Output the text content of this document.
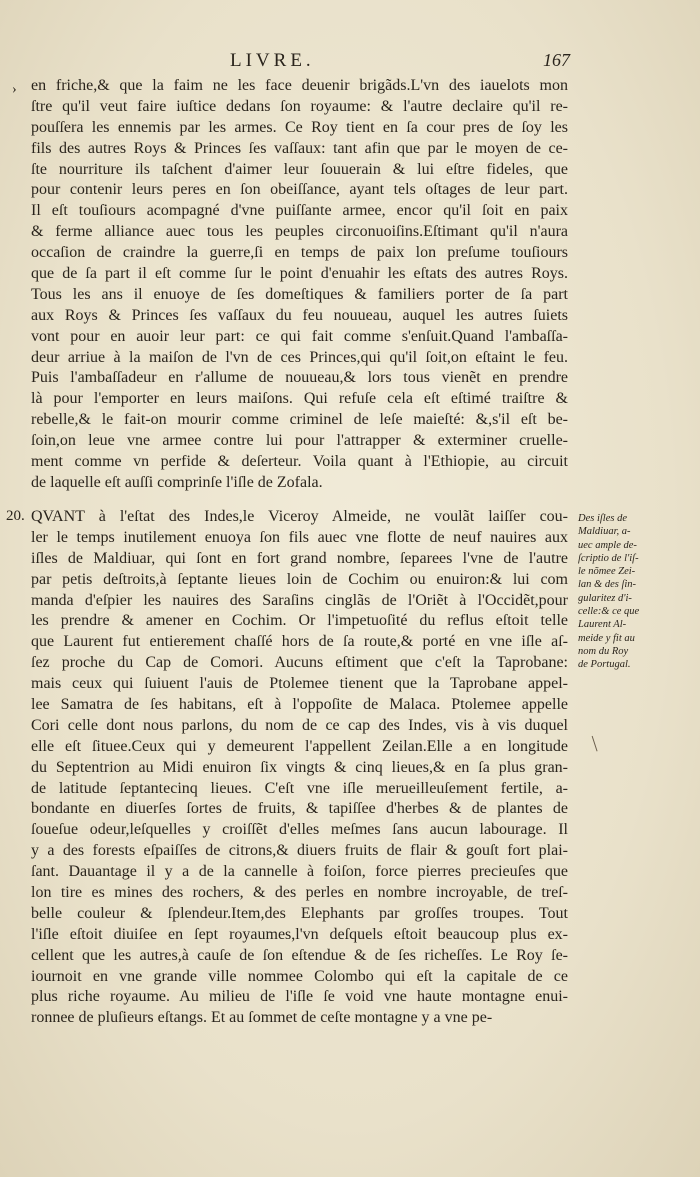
LIVRE.	167
› en friche,& que la faim ne les face deuenir brigãds.L'vn des iauelots mon
ſtre qu'il veut faire iuſtice dedans ſon royaume: & l'autre declaire qu'il re-
pouſſera les ennemis par les armes. Ce Roy tient en ſa cour pres de ſoy les
fils des autres Roys & Princes ſes vaſſaux: tant afin que par le moyen de ce-
ſte nourriture ils taſchent d'aimer leur ſouuerain & lui eſtre fideles, que
pour contenir leurs peres en ſon obeiſſance, ayant tels oſtages de leur part.
Il eſt touſiours acompagné d'vne puiſſante armee, encor qu'il ſoit en paix
& ferme alliance auec tous les peuples circonuoiſins.Eſtimant qu'il n'aura
occaſion de craindre la guerre,ſi en temps de paix lon preſume touſiours
que de ſa part il eſt comme ſur le point d'enuahir les eſtats des autres Roys.
Tous les ans il enuoye de ſes domeſtiques & familiers porter de ſa part
aux Roys & Princes ſes vaſſaux du feu nouueau, auquel les autres ſuiets
vont pour en auoir leur part: ce qui fait comme s'enſuit.Quand l'ambaſſa-
deur arriue à la maiſon de l'vn de ces Princes,qui qu'il ſoit,on eſtaint le feu.
Puis l'ambaſſadeur en r'allume de nouueau,& lors tous vienẽt en prendre
là pour l'emporter en leurs maiſons. Qui refuſe cela eſt eſtimé traiſtre &
rebelle,& le fait-on mourir comme criminel de leſe maieſté: &,s'il eſt be-
ſoin,on leue vne armee contre lui pour l'attrapper & exterminer cruelle-
ment comme vn perfide & deſerteur. Voila quant à l'Ethiopie, au circuit
de laquelle eſt auſſi comprinſe l'iſle de Zofala.
20. QVANT à l'eſtat des Indes,le Viceroy Almeide, ne voulãt laiſſer cou-
ler le temps inutilement enuoya ſon fils auec vne flotte de neuf nauires aux
iſles de Maldiuar, qui ſont en fort grand nombre, ſeparees l'vne de l'autre
par petis deſtroits,à ſeptante lieues loin de Cochim ou enuiron:& lui com
manda d'eſpier les nauires des Saraſins cinglãs de l'Oriẽt à l'Occidẽt,pour
les prendre & amener en Cochim. Or l'impetuoſité du reflus eſtoit telle
que Laurent fut entierement chaſſé hors de ſa route,& porté en vne iſle aſ-
ſez proche du Cap de Comori. Aucuns eſtiment que c'eſt la Taprobane:
mais ceux qui ſuiuent l'auis de Ptolemee tienent que la Taprobane appel-
lee Samatra de ſes habitans, eſt à l'oppoſite de Malaca. Ptolemee appelle
Cori celle dont nous parlons, du nom de ce cap des Indes, vis à vis duquel
elle eſt ſituee.Ceux qui y demeurent l'appellent Zeilan.Elle a en longitude
du Septentrion au Midi enuiron ſix vingts & cinq lieues,& en ſa plus gran-
de latitude ſeptantecinq lieues. C'eſt vne iſle merueilleuſement fertile, a-
bondante en diuerſes ſortes de fruits, & tapiſſee d'herbes & de plantes de
ſoueſue odeur,leſquelles y croiſſẽt d'elles meſmes ſans aucun labourage. Il
y a des forests eſpaiſſes de citrons,& diuers fruits de flair & gouſt fort plai-
ſant. Dauantage il y a de la cannelle à foiſon, force pierres precieuſes que
lon tire es mines des rochers, & des perles en nombre incroyable, de treſ-
belle couleur & ſplendeur.Item,des Elephants par groſſes troupes. Tout
l'iſle eſtoit diuiſee en ſept royaumes,l'vn deſquels eſtoit beaucoup plus ex-
cellent que les autres,à cauſe de ſon eſtendue & de ſes richeſſes. Le Roy ſe-
iournoit en vne grande ville nommee Colombo qui eſt la capitale de ce
plus riche royaume. Au milieu de l'iſle ſe void vne haute montagne enui-
ronnee de pluſieurs eſtangs. Et au ſommet de ceſte montagne y a vne pe-
Des iſles de
Maldiuar, a-
uec ample de-
ſcriptio de l'iſ-
le nõmee Zei-
lan & des ſin-
gularitez d'i-
celle:& ce que
Laurent Al-
meide y fit au
nom du Roy
de Portugal.
